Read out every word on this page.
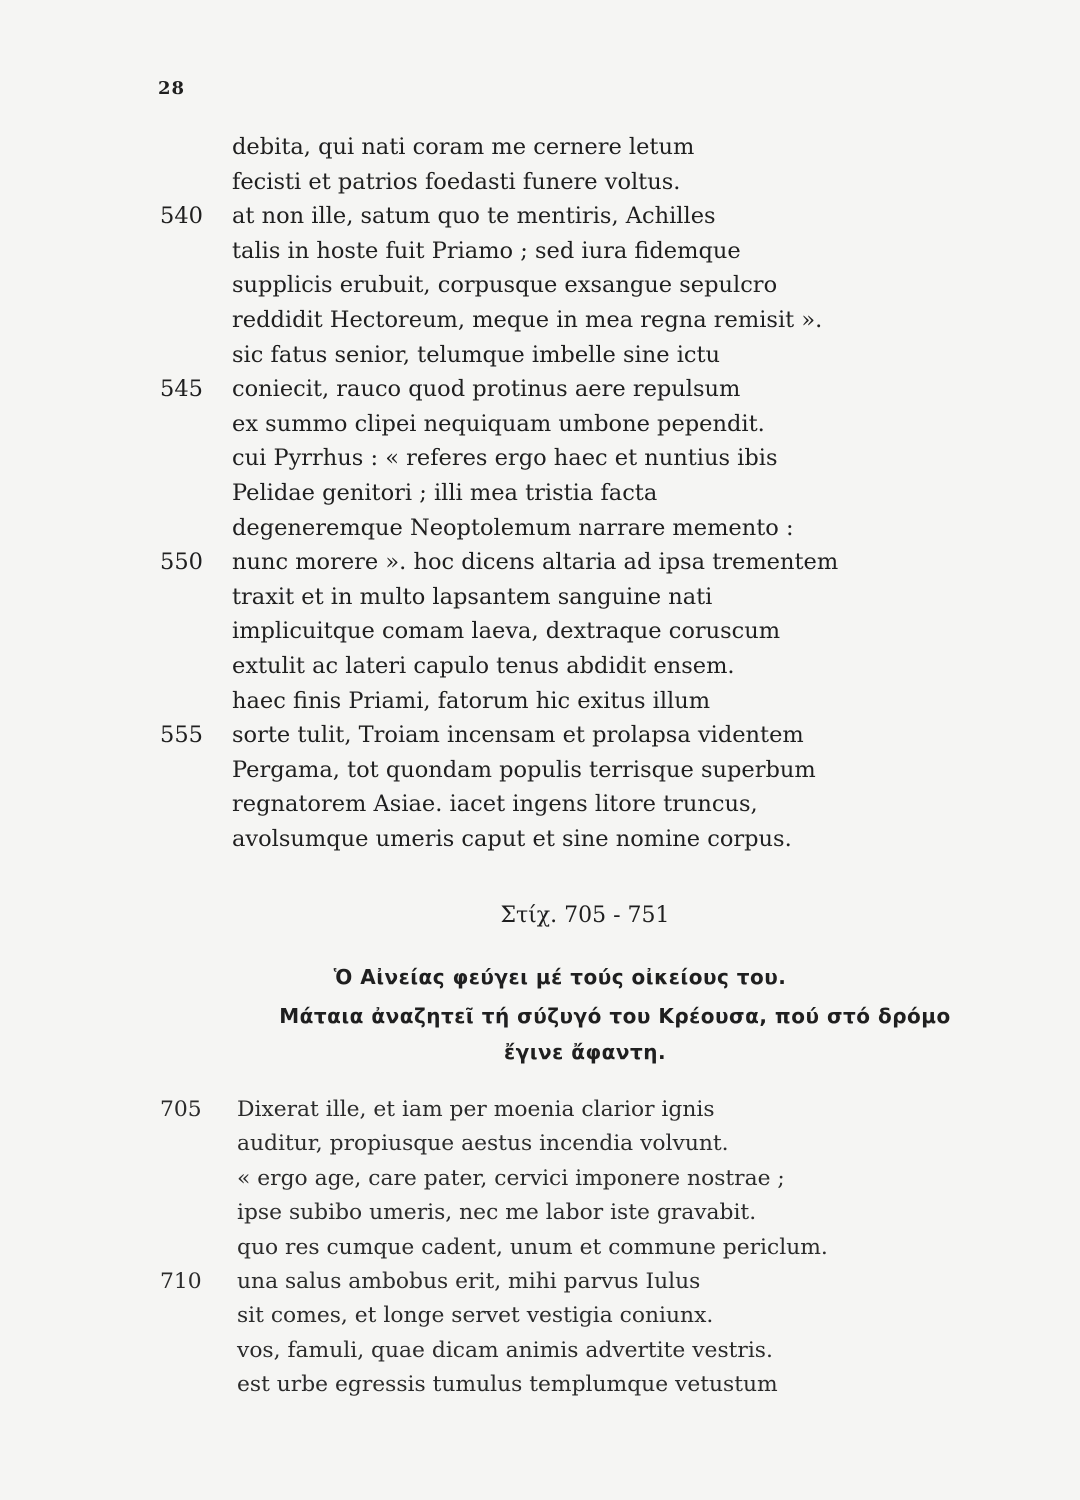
28
debita, qui nati coram me cernere letum
fecisti et patrios foedasti funere voltus.
540	at non ille, satum quo te mentiris, Achilles
talis in hoste fuit Priamo ; sed iura fidemque
supplicis erubuit, corpusque exsangue sepulcro
reddidit Hectoreum, meque in mea regna remisit ».
sic fatus senior, telumque imbelle sine ictu
545	coniecit, rauco quod protinus aere repulsum
ex summo clipei nequiquam umbone pependit.
cui Pyrrhus : « referes ergo haec et nuntius ibis
Pelidae genitori ; illi mea tristia facta
degeneremque Neoptolemum narrare memento :
550	nunc morere ». hoc dicens altaria ad ipsa trementem
traxit et in multo lapsantem sanguine nati
implicuitque comam laeva, dextraque coruscum
extulit ac lateri capulo tenus abdidit ensem.
haec finis Priami, fatorum hic exitus illum
555	sorte tulit, Troiam incensam et prolapsa videntem
Pergama, tot quondam populis terrisque superbum
regnatorem Asiae. iacet ingens litore truncus,
avolsumque umeris caput et sine nomine corpus.
Στίχ. 705 - 751
Ὁ Αἰνείας φεύγει μέ τούς οἰκείους του.
Μάταια ἀναζητεῖ τή σύζυγό του Κρέουσα, πού στό δρόμο
ἔγινε ἄφαντη.
705	Dixerat ille, et iam per moenia clarior ignis
auditur, propiusque aestus incendia volvunt.
« ergo age, care pater, cervici imponere nostrae ;
ipse subibo umeris, nec me labor iste gravabit.
quo res cumque cadent, unum et commune periclum.
710	una salus ambobus erit, mihi parvus Iulus
sit comes, et longe servet vestigia coniunx.
vos, famuli, quae dicam animis advertite vestris.
est urbe egressis tumulus templumque vetustum
